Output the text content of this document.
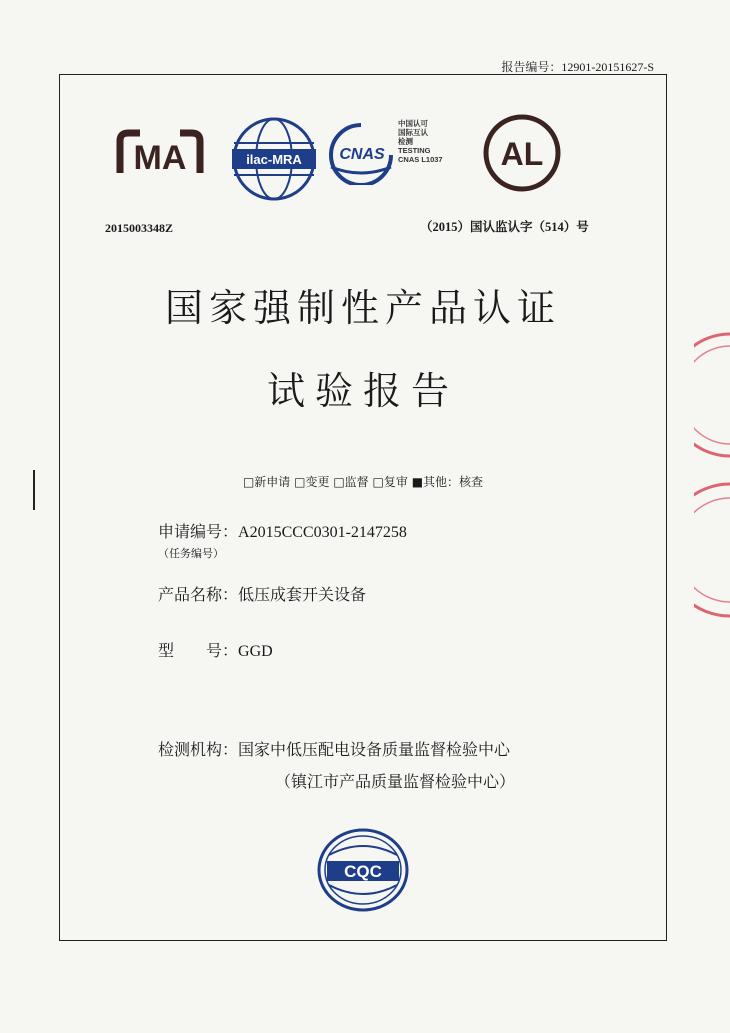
报告编号：12901-20151627-S
MA
2015003348Z
ilac-MRA CNAS
中国认可
国际互认
检测
TESTING
CNAS L1037 AL
（2015）国认监认字（514）号
国家强制性产品认证
试验报告
□新申请 □变更 □监督 □复审 ■其他：核查
申请编号：A2015CCC0301-2147258
（任务编号）
产品名称：低压成套开关设备
型　　号：GGD
检测机构：国家中低压配电设备质量监督检验中心
（镇江市产品质量监督检验中心）
CQC
